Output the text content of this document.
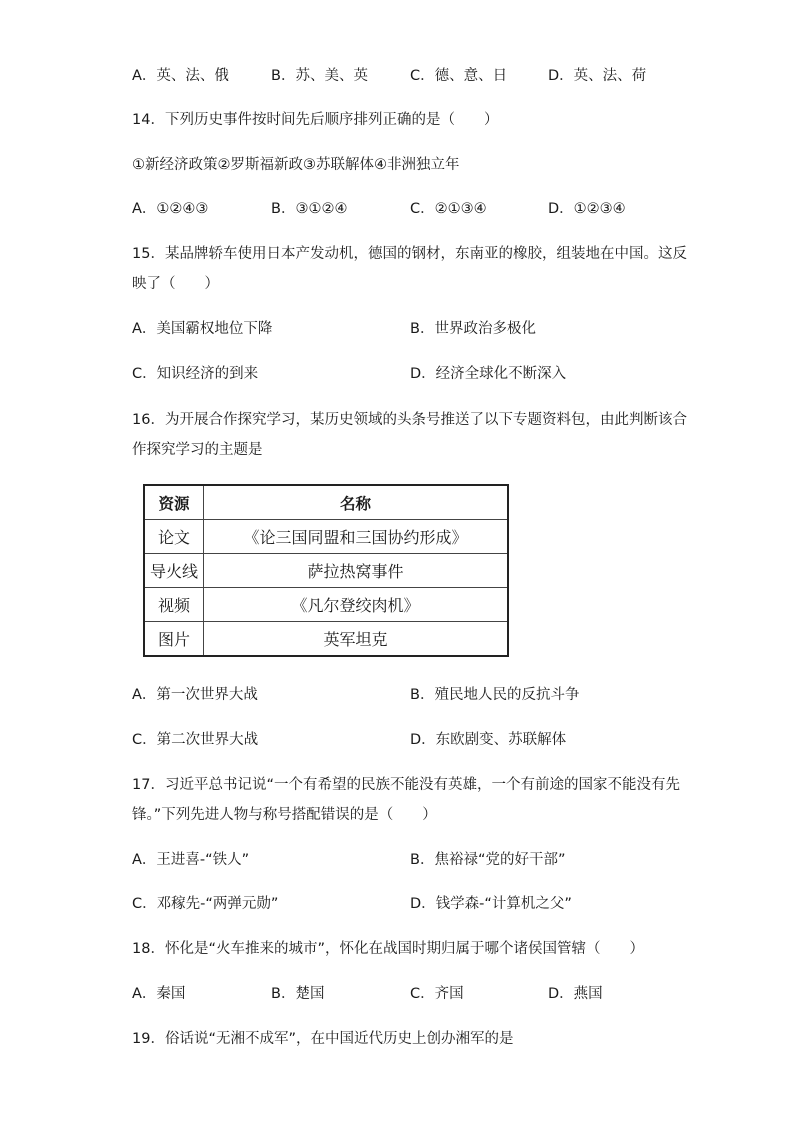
A．英、法、俄	B．苏、美、英	C．德、意、日	D．英、法、荷
14．下列历史事件按时间先后顺序排列正确的是（　　）
①新经济政策②罗斯福新政③苏联解体④非洲独立年
A．①②④③	B．③①②④	C．②①③④	D．①②③④
15．某品牌轿车使用日本产发动机，德国的钢材，东南亚的橡胶，组装地在中国。这反
映了（　　）
A．美国霸权地位下降	B．世界政治多极化
C．知识经济的到来	D．经济全球化不断深入
16．为开展合作探究学习，某历史领域的头条号推送了以下专题资料包，由此判断该合
作探究学习的主题是
资源	名称
论文	《论三国同盟和三国协约形成》
导火线	萨拉热窝事件
视频	《凡尔登绞肉机》
图片	英军坦克
A．第一次世界大战	B．殖民地人民的反抗斗争
C．第二次世界大战	D．东欧剧变、苏联解体
17．习近平总书记说“一个有希望的民族不能没有英雄，一个有前途的国家不能没有先
锋。”下列先进人物与称号搭配错误的是（　　）
A．王进喜-“铁人”	B．焦裕禄“党的好干部”
C．邓稼先-“两弹元勋”	D．钱学森-“计算机之父”
18．怀化是“火车推来的城市”，怀化在战国时期归属于哪个诸侯国管辖（　　）
A．秦国	B．楚国	C．齐国	D．燕国
19．俗话说“无湘不成军”，在中国近代历史上创办湘军的是
